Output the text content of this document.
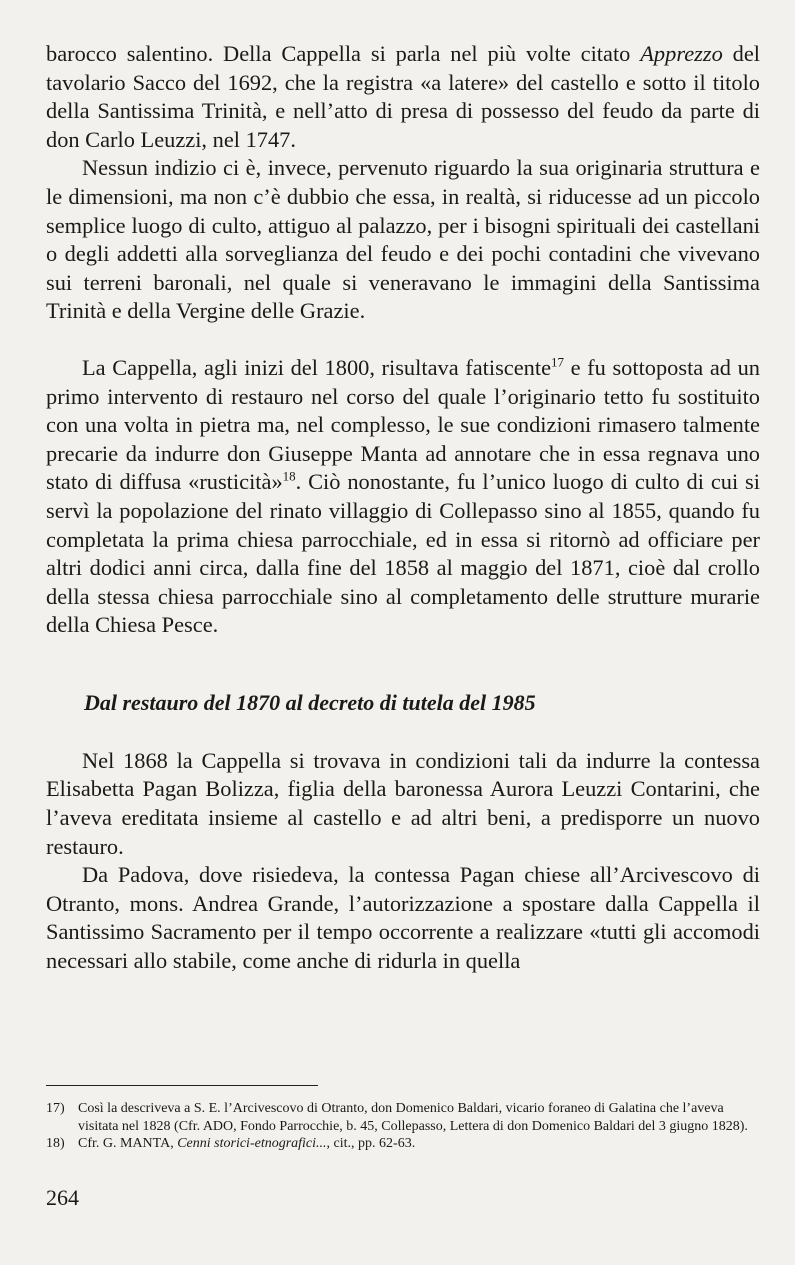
barocco salentino. Della Cappella si parla nel più volte citato Apprezzo del tavolario Sacco del 1692, che la registra «a latere» del castello e sotto il titolo della Santissima Trinità, e nell’atto di presa di possesso del feudo da parte di don Carlo Leuzzi, nel 1747.

Nessun indizio ci è, invece, pervenuto riguardo la sua originaria struttura e le dimensioni, ma non c’è dubbio che essa, in realtà, si riducesse ad un piccolo semplice luogo di culto, attiguo al palazzo, per i bisogni spirituali dei castellani o degli addetti alla sorveglianza del feudo e dei pochi contadini che vivevano sui terreni baronali, nel quale si veneravano le immagini della Santissima Trinità e della Vergine delle Grazie.

La Cappella, agli inizi del 1800, risultava fatiscente$^{17}$ e fu sottoposta ad un primo intervento di restauro nel corso del quale l’originario tetto fu sostituito con una volta in pietra ma, nel complesso, le sue condizioni rimasero talmente precarie da indurre don Giuseppe Manta ad annotare che in essa regnava uno stato di diffusa «rusticità»$^{18}$. Ciò nonostante, fu l’unico luogo di culto di cui si servì la popolazione del rinato villaggio di Collepasso sino al 1855, quando fu completata la prima chiesa parrocchiale, ed in essa si ritornò ad officiare per altri dodici anni circa, dalla fine del 1858 al maggio del 1871, cioè dal crollo della stessa chiesa parrocchiale sino al completamento delle strutture murarie della Chiesa Pesce.

Dal restauro del 1870 al decreto di tutela del 1985

Nel 1868 la Cappella si trovava in condizioni tali da indurre la contessa Elisabetta Pagan Bolizza, figlia della baronessa Aurora Leuzzi Contarini, che l’aveva ereditata insieme al castello e ad altri beni, a predisporre un nuovo restauro.

Da Padova, dove risiedeva, la contessa Pagan chiese all’Arcivescovo di Otranto, mons. Andrea Grande, l’autorizzazione a spostare dalla Cappella il Santissimo Sacramento per il tempo occorrente a realizzare «tutti gli accomodi necessari allo stabile, come anche di ridurla in quella

17) Così la descriveva a S. E. l’Arcivescovo di Otranto, don Domenico Baldari, vicario foraneo di Galatina che l’aveva visitata nel 1828 (Cfr. ADO, Fondo Parrocchie, b. 45, Collepasso, Lettera di don Domenico Baldari del 3 giugno 1828).
18) Cfr. G. MANTA, Cenni storici-etnografici..., cit., pp. 62-63.
264
